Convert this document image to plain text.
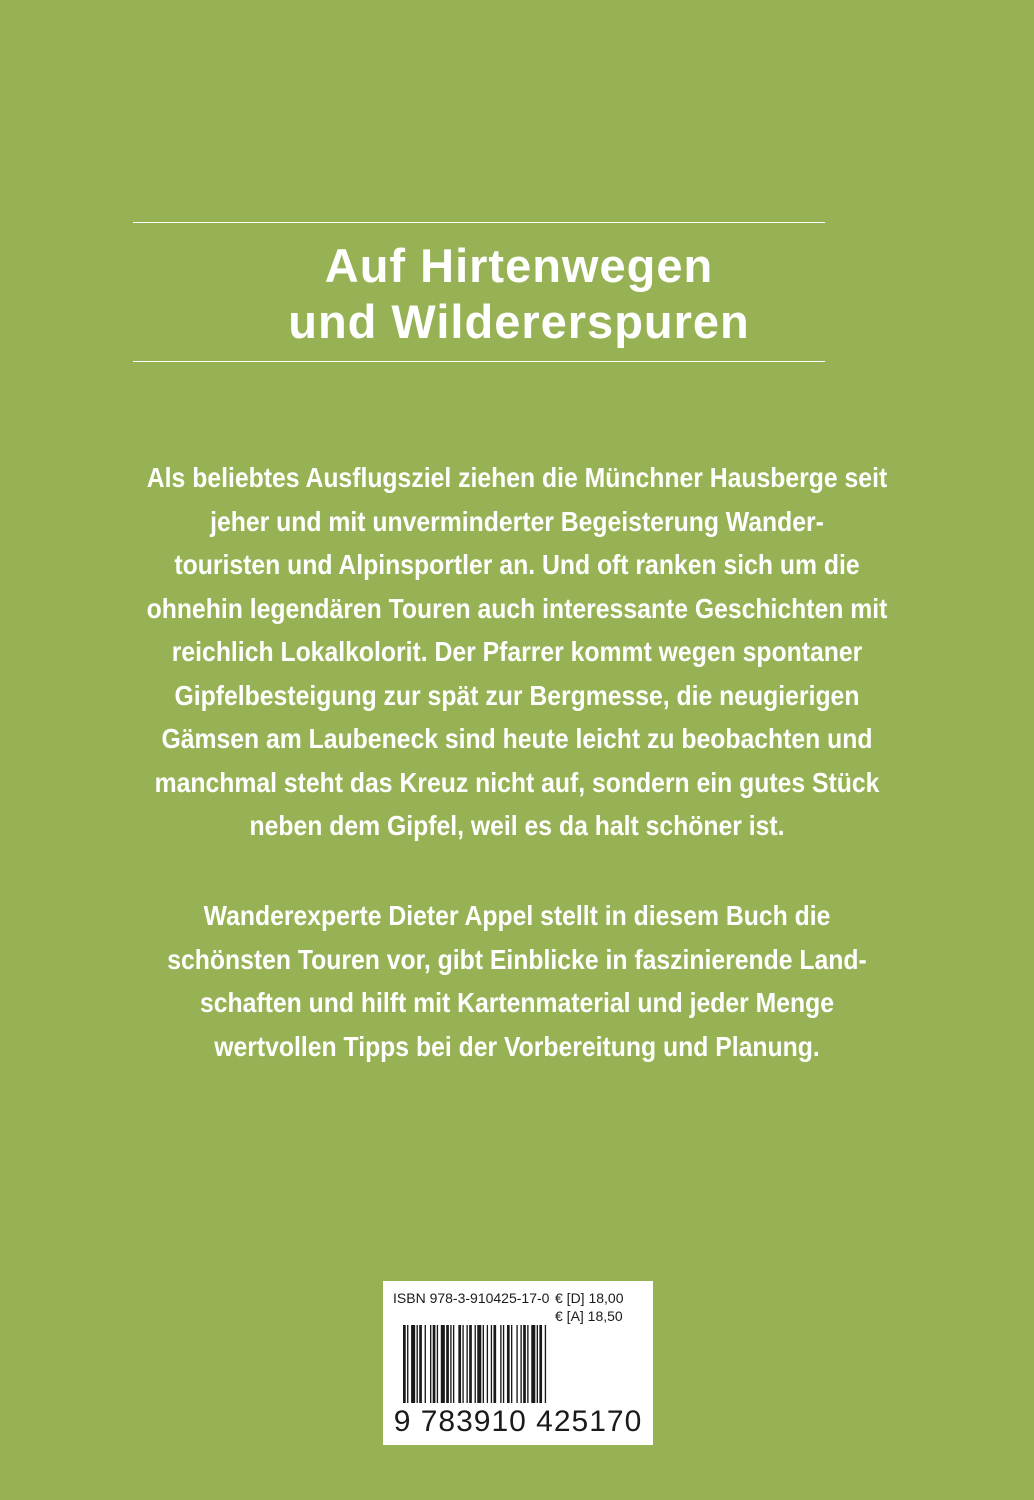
Auf Hirtenwegen
und Wildererspuren

Als beliebtes Ausflugsziel ziehen die Münchner Hausberge seit
jeher und mit unverminderter Begeisterung Wander-
touristen und Alpinsportler an. Und oft ranken sich um die
ohnehin legendären Touren auch interessante Geschichten mit
reichlich Lokalkolorit. Der Pfarrer kommt wegen spontaner
Gipfelbesteigung zur spät zur Bergmesse, die neugierigen
Gämsen am Laubeneck sind heute leicht zu beobachten und
manchmal steht das Kreuz nicht auf, sondern ein gutes Stück
neben dem Gipfel, weil es da halt schöner ist.

Wanderexperte Dieter Appel stellt in diesem Buch die
schönsten Touren vor, gibt Einblicke in faszinierende Land-
schaften und hilft mit Kartenmaterial und jeder Menge
wertvollen Tipps bei der Vorbereitung und Planung.

ISBN 978-3-910425-17-0 € [D] 18,00
€ [A] 18,50
9 783910 425170
